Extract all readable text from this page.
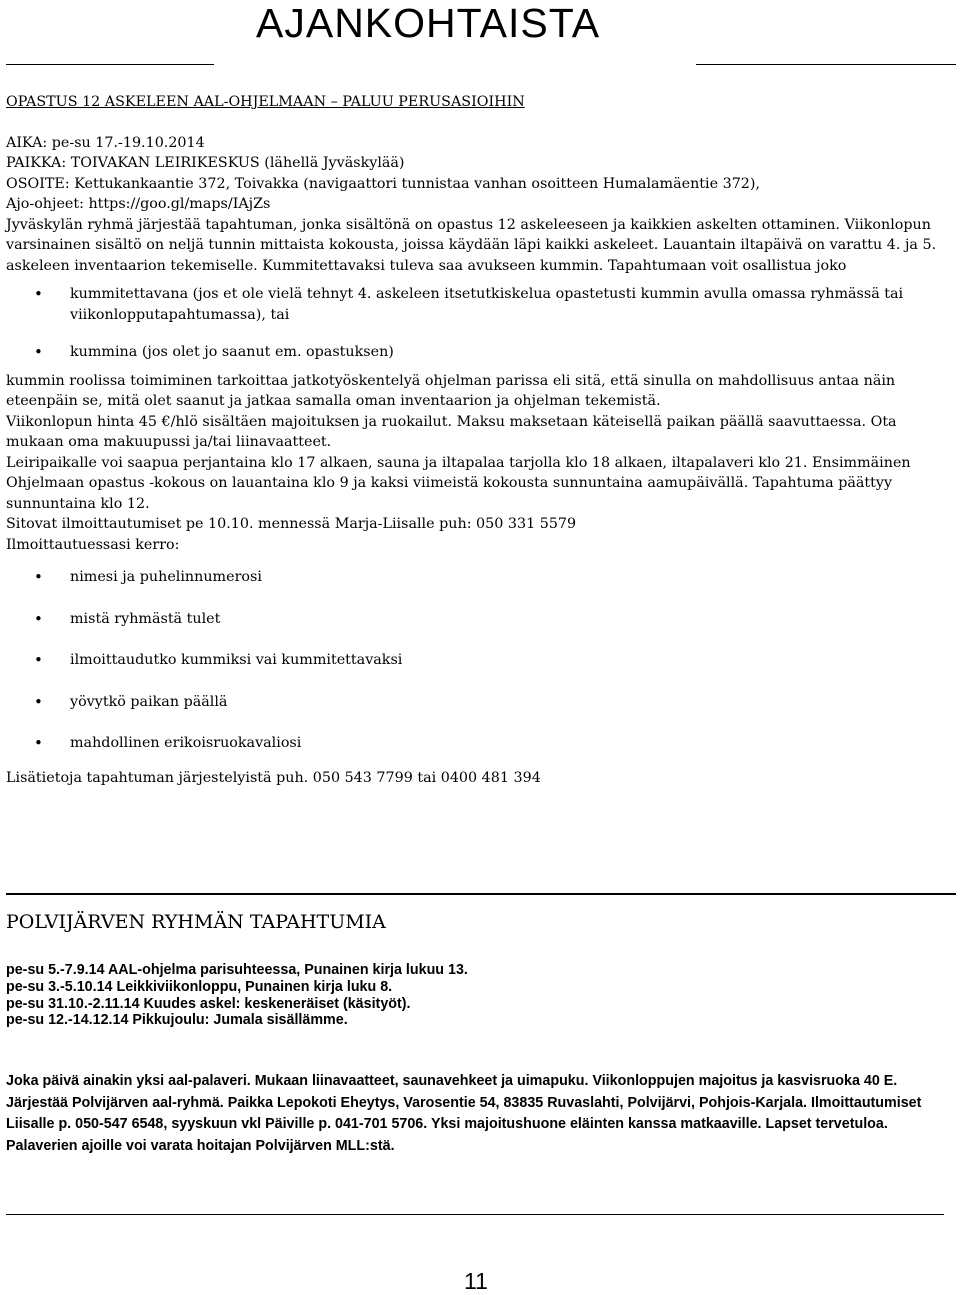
AJANKOHTAISTA

OPASTUS 12 ASKELEEN AAL-OHJELMAAN – PALUU PERUSASIOIHIN

AIKA: pe-su 17.-19.10.2014

PAIKKA: TOIVAKAN LEIRIKESKUS (lähellä Jyväskylää)

OSOITE: Kettukankaantie 372, Toivakka (navigaattori tunnistaa vanhan osoitteen Humalamäentie 372),

Ajo-ohjeet: https://goo.gl/maps/IAjZs

Jyväskylän ryhmä järjestää tapahtuman, jonka sisältönä on opastus 12 askeleeseen ja kaikkien askelten ottaminen. Viikonlopun varsinainen sisältö on neljä tunnin mittaista kokousta, joissa käydään läpi kaikki askeleet. Lauantain iltapäivä on varattu 4. ja 5. askeleen inventaarion tekemiselle. Kummitettavaksi tuleva saa avukseen kummin. Tapahtumaan voit osallistua joko

• kummitettavana (jos et ole vielä tehnyt 4. askeleen itsetutkiskelua opastetusti kummin avulla omassa ryhmässä tai viikonlopputapahtumassa), tai
• kummina (jos olet jo saanut em. opastuksen)

kummin roolissa toimiminen tarkoittaa jatkotyöskentelyä ohjelman parissa eli sitä, että sinulla on mahdollisuus antaa näin eteenpäin se, mitä olet saanut ja jatkaa samalla oman inventaarion ja ohjelman tekemistä.

Viikonlopun hinta 45 €/hlö sisältäen majoituksen ja ruokailut. Maksu maksetaan käteisellä paikan päällä saavuttaessa. Ota mukaan oma makuupussi ja/tai liinavaatteet.

Leiripaikalle voi saapua perjantaina klo 17 alkaen, sauna ja iltapalaa tarjolla klo 18 alkaen, iltapalaveri klo 21. Ensimmäinen Ohjelmaan opastus -kokous on lauantaina klo 9 ja kaksi viimeistä kokousta sunnuntaina aamupäivällä. Tapahtuma päättyy sunnuntaina klo 12.

Sitovat ilmoittautumiset pe 10.10. mennessä Marja-Liisalle puh: 050 331 5579

Ilmoittautuessasi kerro:

• nimesi ja puhelinnumerosi
• mistä ryhmästä tulet
• ilmoittaudutko kummiksi vai kummitettavaksi
• yövytkö paikan päällä
• mahdollinen erikoisruokavaliosi

Lisätietoja tapahtuman järjestelyistä puh. 050 543 7799 tai 0400 481 394

POLVIJÄRVEN RYHMÄN TAPAHTUMIA
pe-su 5.-7.9.14 AAL-ohjelma parisuhteessa, Punainen kirja lukuu 13.
pe-su 3.-5.10.14 Leikkiviikonloppu, Punainen kirja luku 8.
pe-su 31.10.-2.11.14 Kuudes askel: keskeneräiset (käsityöt).
pe-su 12.-14.12.14 Pikkujoulu: Jumala sisällämme.

Joka päivä ainakin yksi aal-palaveri. Mukaan liinavaatteet, saunavehkeet ja uimapuku. Viikonloppujen majoitus ja kasvisruoka 40 E. Järjestää Polvijärven aal-ryhmä. Paikka Lepokoti Eheytys, Varosentie 54, 83835 Ruvaslahti, Polvijärvi, Pohjois-Karjala. Ilmoittautumiset Liisalle p. 050-547 6548, syyskuun vkl Päiville p. 041-701 5706. Yksi majoitushuone eläinten kanssa matkaaville. Lapset tervetuloa. Palaverien ajoille voi varata hoitajan Polvijärven MLL:stä.

11
